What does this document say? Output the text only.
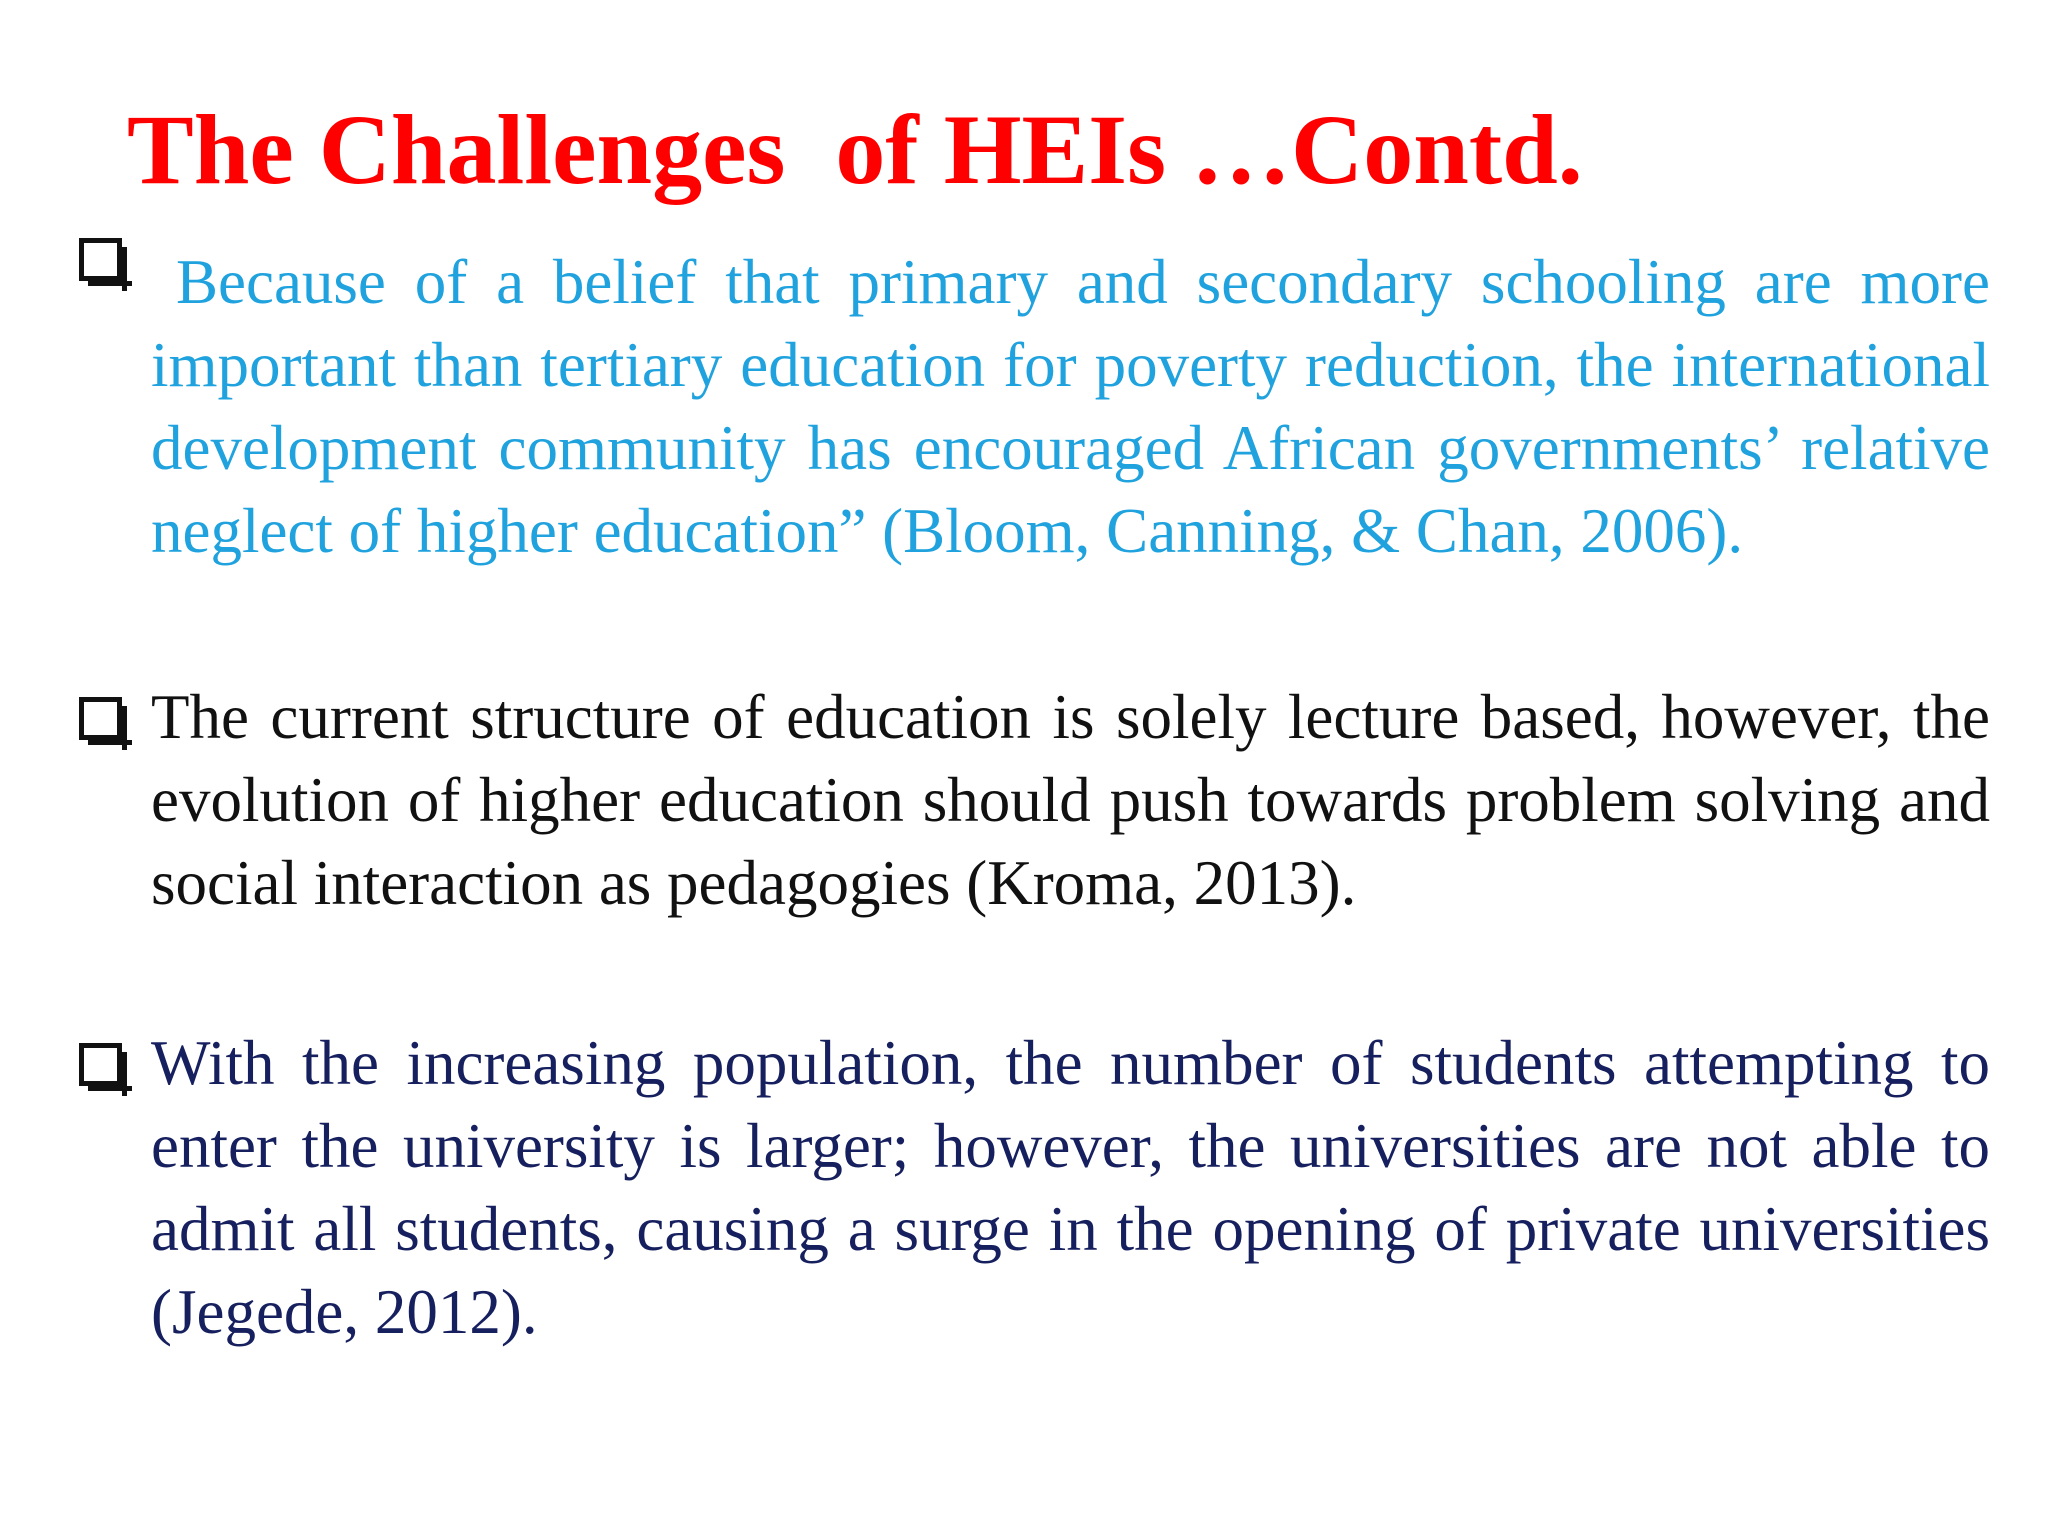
The Challenges  of HEIs …Contd.
Because of a belief that primary and secondary schooling are more important than tertiary education for poverty reduction, the international development community has encouraged African governments’ relative neglect of higher education” (Bloom, Canning, & Chan, 2006).
The current structure of education is solely lecture based, however, the evolution of higher education should push towards problem solving and social interaction as pedagogies (Kroma, 2013).
With the increasing population, the number of students attempting to enter the university is larger; however, the universities are not able to admit all students, causing a surge in the opening of private universities (Jegede, 2012).
